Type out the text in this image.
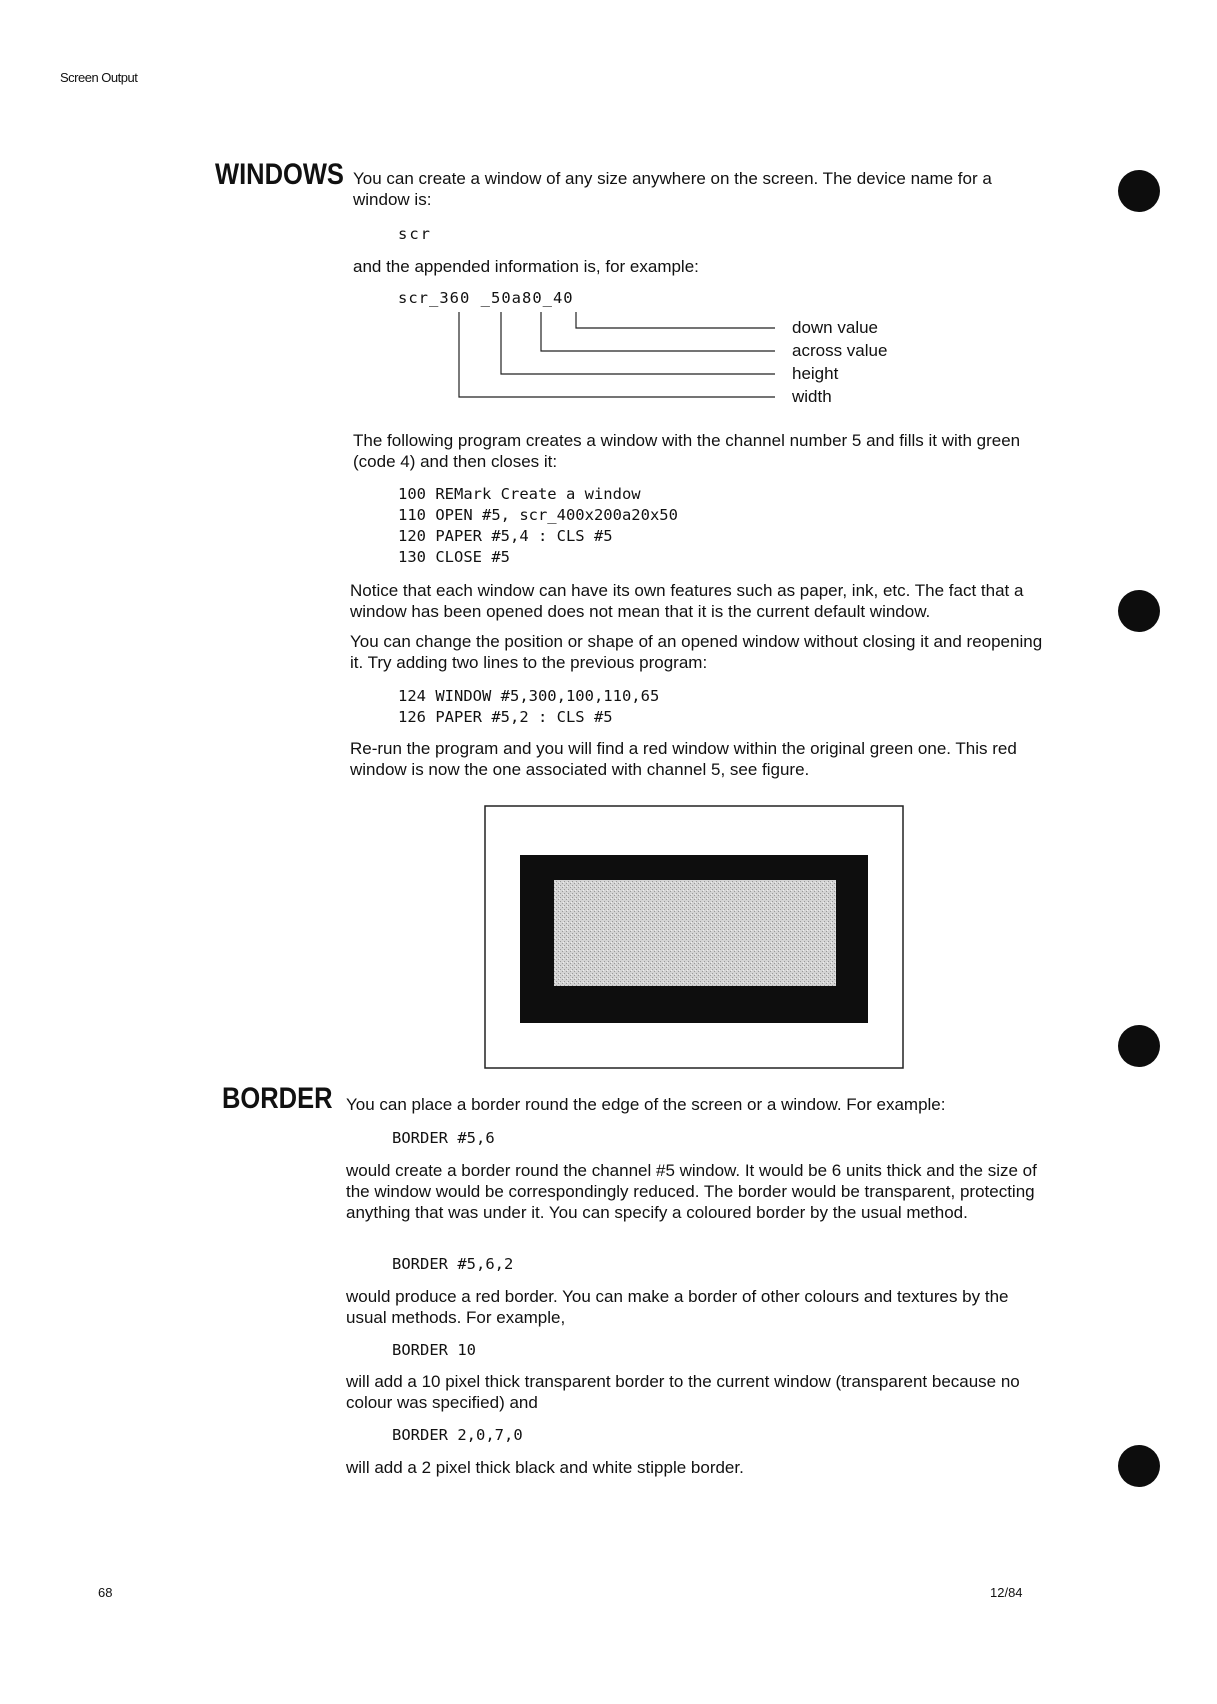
Screen Output
WINDOWS You can create a window of any size anywhere on the screen. The device name for a window is:
scr
and the appended information is, for example:
scr_360 _50a80_40
down value
across value
height
width
The following program creates a window with the channel number 5 and fills it with green (code 4) and then closes it:
100 REMark Create a window
110 OPEN #5, scr_400x200a20x50
120 PAPER #5,4 : CLS #5
130 CLOSE #5
Notice that each window can have its own features such as paper, ink, etc. The fact that a window has been opened does not mean that it is the current default window.
You can change the position or shape of an opened window without closing it and reopening it. Try adding two lines to the previous program:
124 WINDOW #5,300,100,110,65
126 PAPER #5,2 : CLS #5
Re-run the program and you will find a red window within the original green one. This red window is now the one associated with channel 5, see figure.
BORDER You can place a border round the edge of the screen or a window. For example:
BORDER #5,6
would create a border round the channel #5 window. It would be 6 units thick and the size of the window would be correspondingly reduced. The border would be transparent, protecting anything that was under it. You can specify a coloured border by the usual method.
BORDER #5,6,2
would produce a red border. You can make a border of other colours and textures by the usual methods. For example,
BORDER 10
will add a 10 pixel thick transparent border to the current window (transparent because no colour was specified) and
BORDER 2,0,7,0
will add a 2 pixel thick black and white stipple border.
68	12/84
